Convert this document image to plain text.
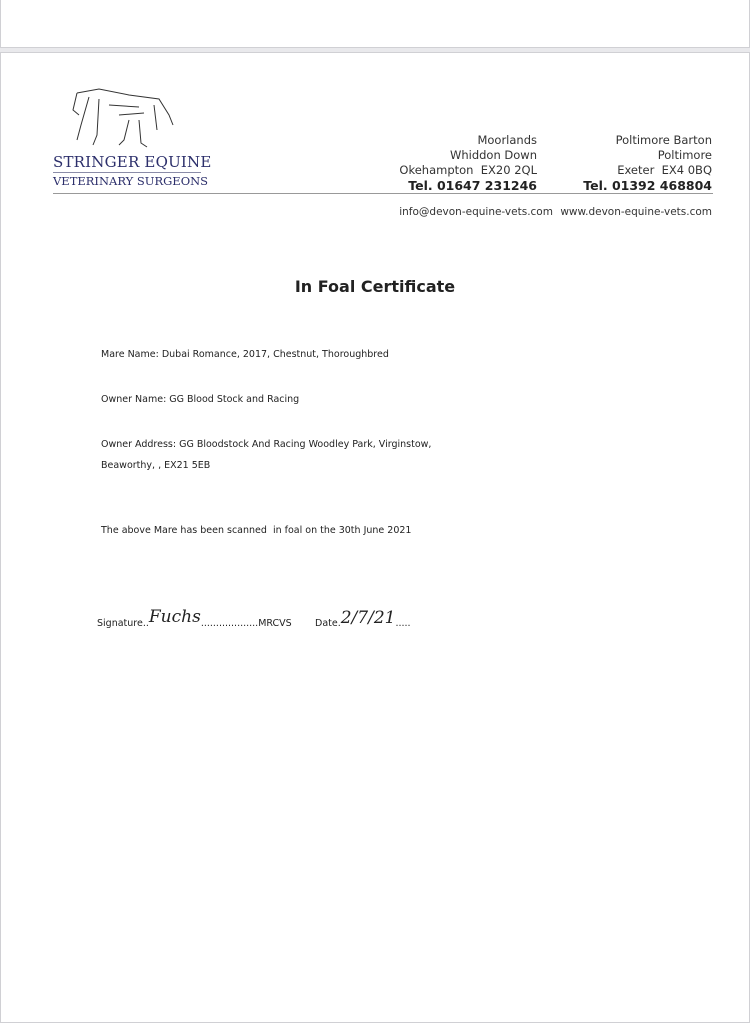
STRINGER EQUINE
VETERINARY SURGEONS
Moorlands
Whiddon Down
Okehampton  EX20 2QL
Tel. 01647 231246
Poltimore Barton
Poltimore
Exeter  EX4 0BQ
Tel. 01392 468804
info@devon-equine-vets.com www.devon-equine-vets.com
In Foal Certificate
Mare Name: Dubai Romance, 2017, Chestnut, Thoroughbred
Owner Name: GG Blood Stock and Racing
Owner Address: GG Bloodstock And Racing Woodley Park, Virginstow,
Beaworthy, , EX21 5EB
The above Mare has been scanned  in foal on the 30th June 2021
Signature..Fuchs...................MRCVS Date.2/7/21.....
